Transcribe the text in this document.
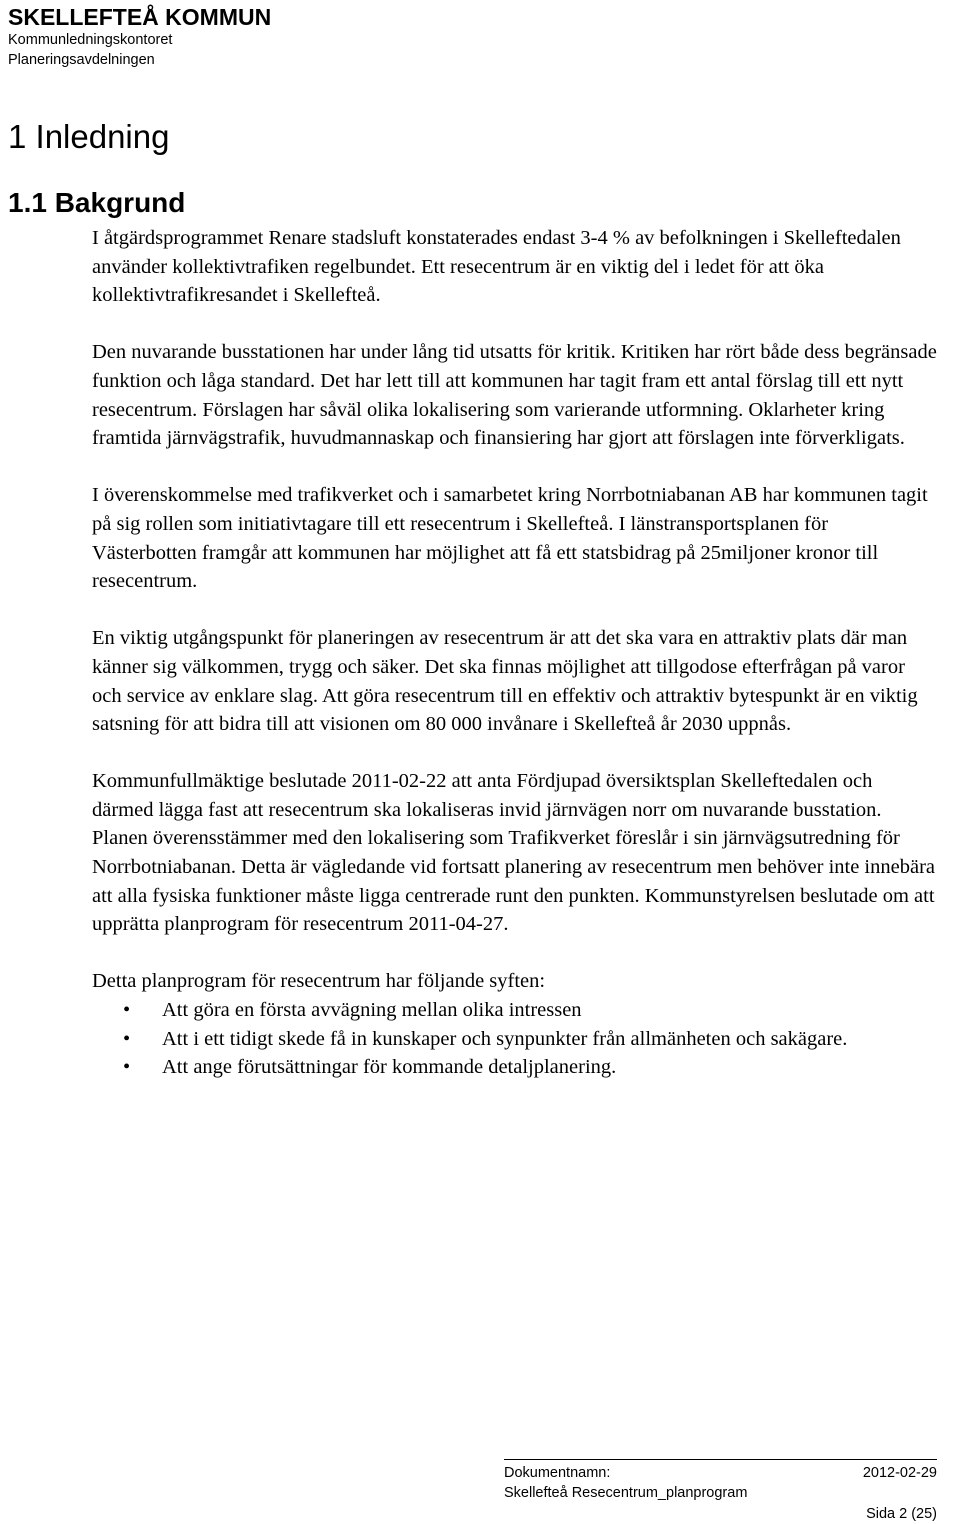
SKELLEFTEÅ KOMMUN
Kommunledningskontoret
Planeringsavdelningen
1 Inledning
1.1 Bakgrund

I åtgärdsprogrammet Renare stadsluft konstaterades endast 3-4 % av befolkningen i Skelleftedalen använder kollektivtrafiken regelbundet. Ett resecentrum är en viktig del i ledet för att öka kollektivtrafikresandet i Skellefteå.

Den nuvarande busstationen har under lång tid utsatts för kritik. Kritiken har rört både dess begränsade funktion och låga standard. Det har lett till att kommunen har tagit fram ett antal förslag till ett nytt resecentrum. Förslagen har såväl olika lokalisering som varierande utformning. Oklarheter kring framtida järnvägstrafik, huvudmannaskap och finansiering har gjort att förslagen inte förverkligats.

I överenskommelse med trafikverket och i samarbetet kring Norrbotniabanan AB har kommunen tagit på sig rollen som initiativtagare till ett resecentrum i Skellefteå. I länstransportsplanen för Västerbotten framgår att kommunen har möjlighet att få ett statsbidrag på 25miljoner kronor till resecentrum.

En viktig utgångspunkt för planeringen av resecentrum är att det ska vara en attraktiv plats där man känner sig välkommen, trygg och säker. Det ska finnas möjlighet att tillgodose efterfrågan på varor och service av enklare slag. Att göra resecentrum till en effektiv och attraktiv bytespunkt är en viktig satsning för att bidra till att visionen om 80 000 invånare i Skellefteå år 2030 uppnås.

Kommunfullmäktige beslutade 2011-02-22 att anta Fördjupad översiktsplan Skelleftedalen och därmed lägga fast att resecentrum ska lokaliseras invid järnvägen norr om nuvarande busstation. Planen överensstämmer med den lokalisering som Trafikverket föreslår i sin järnvägsutredning för Norrbotniabanan. Detta är vägledande vid fortsatt planering av resecentrum men behöver inte innebära att alla fysiska funktioner måste ligga centrerade runt den punkten. Kommunstyrelsen beslutade om att upprätta planprogram för resecentrum 2011-04-27.

Detta planprogram för resecentrum har följande syften:

• Att göra en första avvägning mellan olika intressen
• Att i ett tidigt skede få in kunskaper och synpunkter från allmänheten och sakägare.
• Att ange förutsättningar för kommande detaljplanering.
Dokumentnamn:	2012-02-29
Skellefteå Resecentrum_planprogram
Sida 2 (25)
